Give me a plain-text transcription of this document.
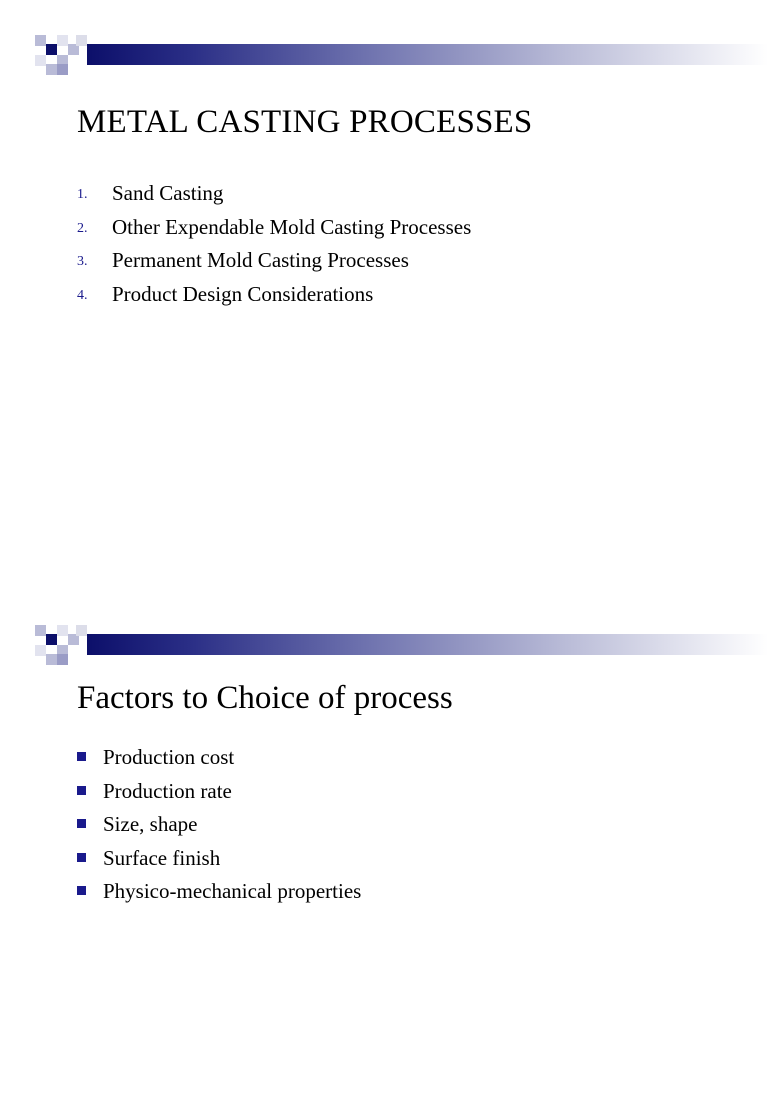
METAL CASTING PROCESSES
1. Sand Casting
2. Other Expendable Mold Casting Processes
3. Permanent Mold Casting Processes
4. Product Design Considerations
Factors to Choice of process
Production cost
Production rate
Size, shape
Surface finish
Physico-mechanical properties
